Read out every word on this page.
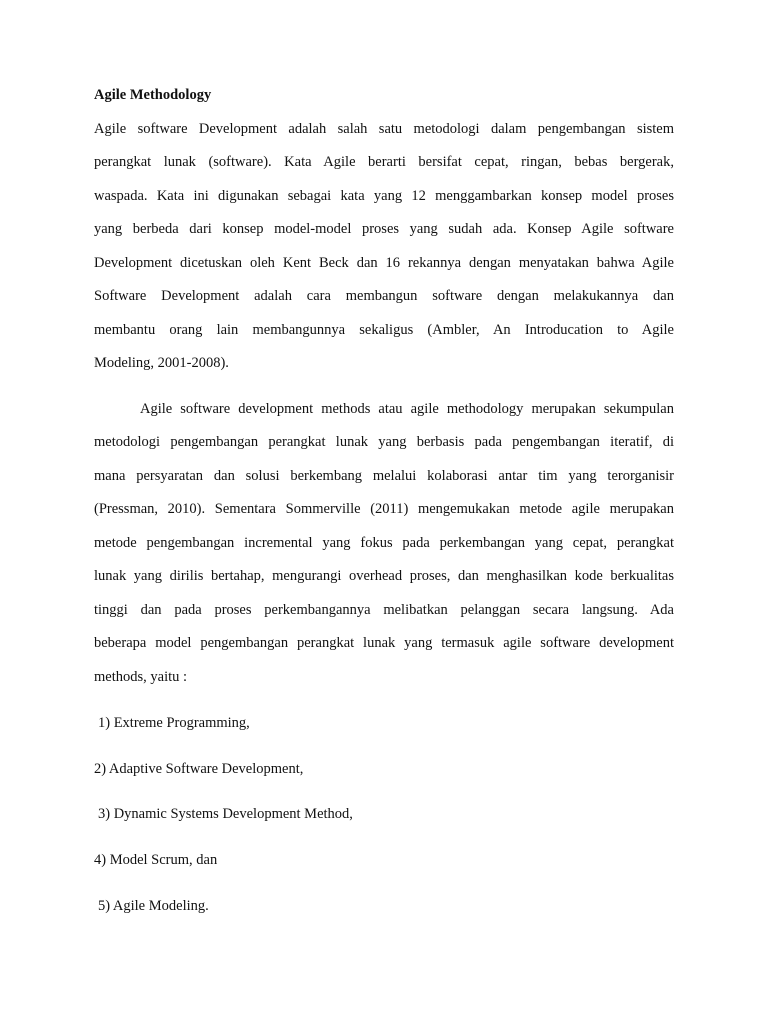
Agile Methodology
Agile software Development adalah salah satu metodologi dalam pengembangan sistem
perangkat lunak (software). Kata Agile berarti bersifat cepat, ringan, bebas bergerak,
waspada. Kata ini digunakan sebagai kata yang 12 menggambarkan konsep model proses
yang berbeda dari konsep model-model proses yang sudah ada. Konsep Agile software
Development dicetuskan oleh Kent Beck dan 16 rekannya dengan menyatakan bahwa Agile
Software Development adalah cara membangun software dengan melakukannya dan
membantu orang lain membangunnya sekaligus (Ambler, An Introducation to Agile
Modeling, 2001-2008).
Agile software development methods atau agile methodology merupakan sekumpulan
metodologi pengembangan perangkat lunak yang berbasis pada pengembangan iteratif, di
mana persyaratan dan solusi berkembang melalui kolaborasi antar tim yang terorganisir
(Pressman, 2010). Sementara Sommerville (2011) mengemukakan metode agile merupakan
metode pengembangan incremental yang fokus pada perkembangan yang cepat, perangkat
lunak yang dirilis bertahap, mengurangi overhead proses, dan menghasilkan kode berkualitas
tinggi dan pada proses perkembangannya melibatkan pelanggan secara langsung. Ada
beberapa model pengembangan perangkat lunak yang termasuk agile software development
methods, yaitu :
1) Extreme Programming,
2) Adaptive Software Development,
3) Dynamic Systems Development Method,
4) Model Scrum, dan
5) Agile Modeling.
